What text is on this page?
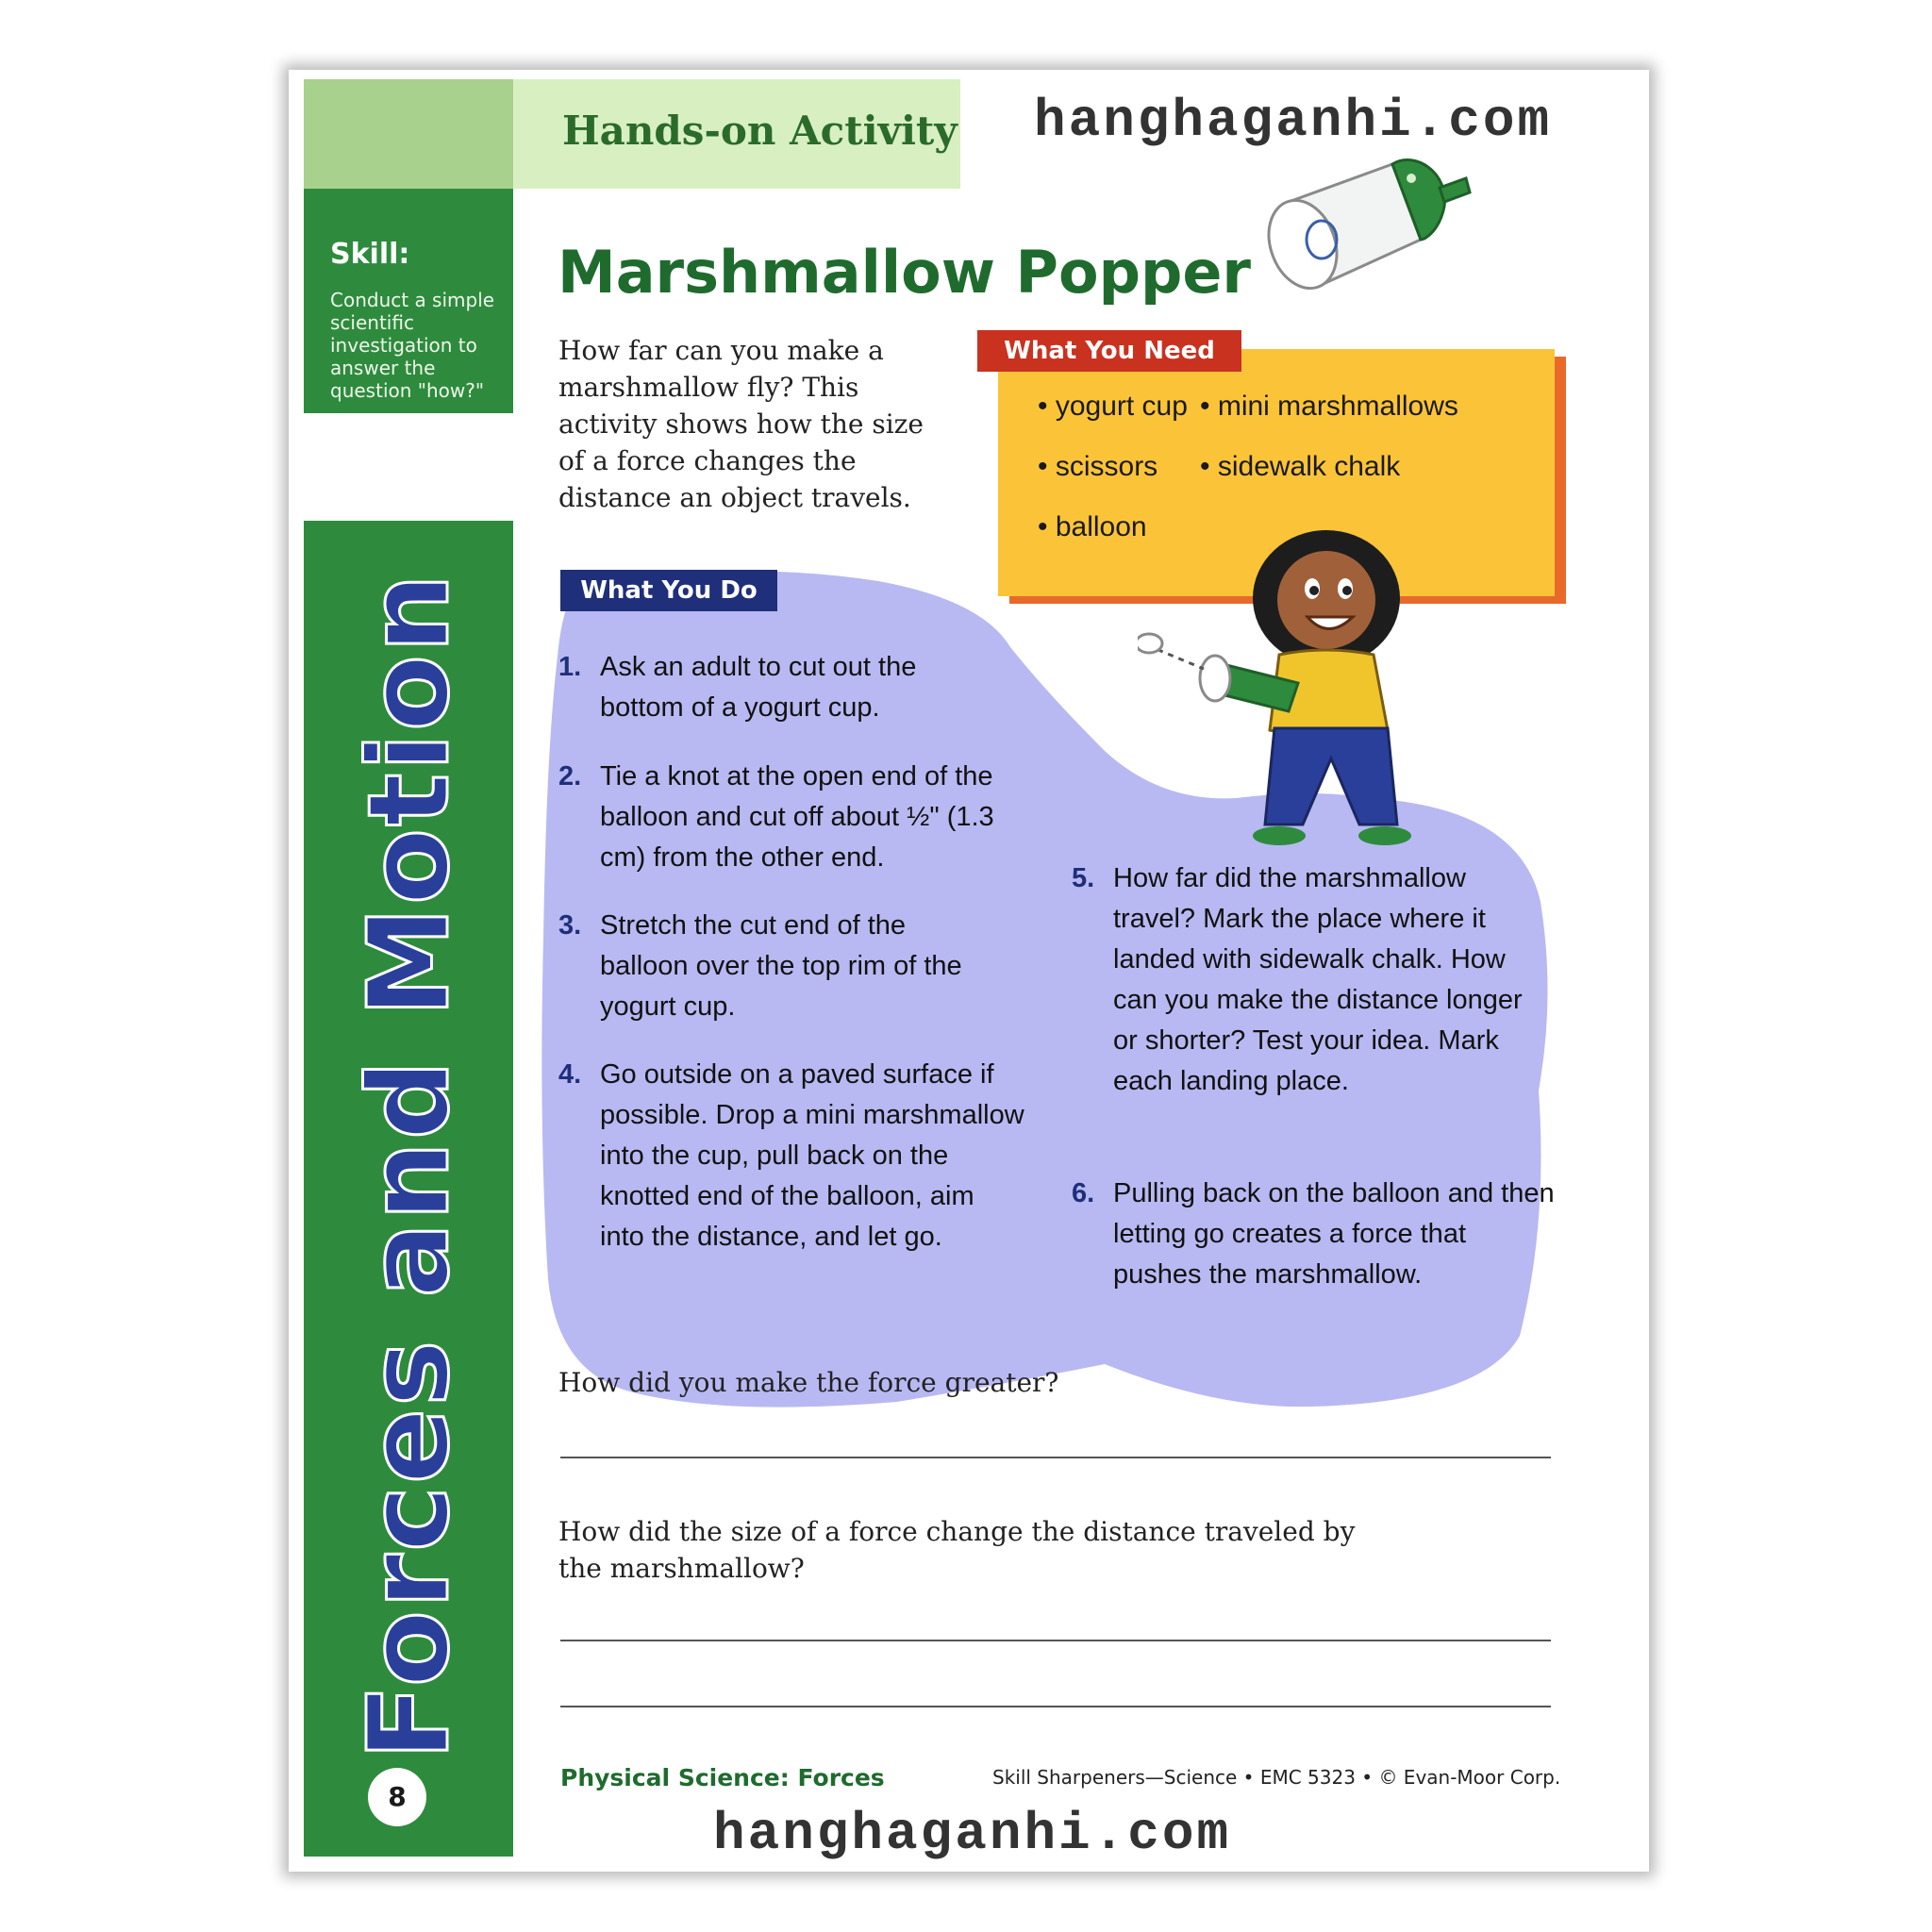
Skill:
Conduct a simple scientific investigation to answer the question "how?"
Forces and Motion
8
Hands-on Activity hanghaganhi.com
Marshmallow Popper
How far can you make a marshmallow fly? This activity shows how the size of a force changes the distance an object travels.
What You Need
• yogurt cup • mini marshmallows
• scissors • sidewalk chalk
• balloon
What You Do
1. Ask an adult to cut out the bottom of a yogurt cup.
2. Tie a knot at the open end of the balloon and cut off about ½" (1.3 cm) from the other end.
3. Stretch the cut end of the balloon over the top rim of the yogurt cup.
4. Go outside on a paved surface if possible. Drop a mini marshmallow into the cup, pull back on the knotted end of the balloon, aim into the distance, and let go.
5. How far did the marshmallow travel? Mark the place where it landed with sidewalk chalk. How can you make the distance longer or shorter? Test your idea. Mark each landing place.
6. Pulling back on the balloon and then letting go creates a force that pushes the marshmallow.
How did you make the force greater?
How did the size of a force change the distance traveled by the marshmallow?
Physical Science: Forces	Skill Sharpeners—Science • EMC 5323 • © Evan-Moor Corp.
hanghaganhi.com
